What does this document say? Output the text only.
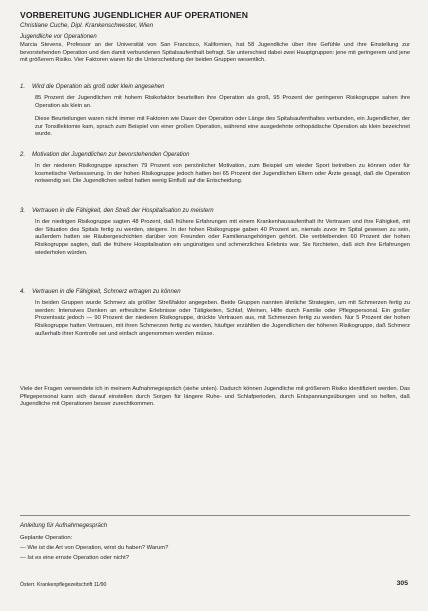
VORBEREITUNG JUGENDLICHER AUF OPERATIONEN
Christiane Cuche, Dipl. Krankenschwester, Wien
Jugendliche vor Operationen

Marcia Stevens, Professor an der Universität von San Francisco, Kalifornien, hat 58 Jugendliche über ihre Gefühle und ihre Einstellung zur bevorstehenden Operation und den damit verbundenen Spitalsaufenthalt befragt. Sie unterschied dabei zwei Hauptgruppen: jene mit geringerem und jene mit größerem Risiko. Vier Faktoren waren für die Unterscheidung der beiden Gruppen wesentlich.

1. Wird die Operation als groß oder klein angesehen

85 Prozent der Jugendlichen mit hohem Risikofaktor beurteilten ihre Operation als groß, 95 Prozent der geringeren Risikogruppe sahen ihre Operation als klein an.

Diese Beurteilungen waren nicht immer mit Faktoren wie Dauer der Operation oder Länge des Spitalsaufenthaltes verbunden, ein Jugendlicher, der zur Tonsillektomie kam, sprach zum Beispiel von einer großen Operation, während eine ausgedehnte orthopädische Operation als klein bezeichnet wurde.

2. Motivation der Jugendlichen zur bevorstehenden Operation

In der niederen Risikogruppe sprachen 79 Prozent von persönlicher Motivation, zum Beispiel um wieder Sport betreiben zu können oder für kosmetische Verbesserung. In der hohen Risikogruppe jedoch hatten bei 65 Prozent der Jugendlichen Eltern oder Ärzte gesagt, daß die Operation notwendig sei. Die Jugendlichen selbst hatten wenig Einfluß auf die Entscheidung.

3. Vertrauen in die Fähigkeit, den Streß der Hospitalisation zu meistern

In der niedrigen Risikogruppe sagten 48 Prozent, daß frühere Erfahrungen mit einem Krankenhausaufenthalt ihr Vertrauen und ihre Fähigkeit, mit der Situation des Spitals fertig zu werden, steigere. In der hohen Risikogruppe gaben 40 Prozent an, niemals zuvor im Spital gewesen zu sein, außerdem hatten sie Räubergeschichten darüber von Freunden oder Familienangehörigen gehört. Die verbleibenden 60 Prozent der hohen Risikogruppe sagten, daß die frühere Hospitalisation ein ungünstiges und schmerzliches Erlebnis war. Sie fürchteten, daß sich ihre Erfahrungen wiederholen würden.

4. Vertrauen in die Fähigkeit, Schmerz ertragen zu können

In beiden Gruppen wurde Schmerz als größter Streßfaktor angegeben. Beide Gruppen nannten ähnliche Strategien, um mit Schmerzen fertig zu werden: Intensives Denken an erfreuliche Erlebnisse oder Tätigkeiten, Schlaf, Weinen, Hilfe durch Familie oder Pflegepersonal. Ein großer Prozentsatz jedoch — 90 Prozent der niederen Risikogruppe, drückte Vertrauen aus, mit Schmerzen fertig zu werden. Nur 5 Prozent der hohen Risikogruppe hatten Vertrauen, mit ihren Schmerzen fertig zu werden, häufiger erzählten die Jugendlichen der höheren Risikogruppe, daß Schmerz außerhalb ihrer Kontrolle sei und einfach angenommen werden müsse.

Viele der Fragen verwendete ich in meinem Aufnahmegespräch (siehe unten). Dadurch können Jugendliche mit größerem Risiko identifiziert werden. Das Pflegepersonal kann sich darauf einstellen durch Sorgen für längere Ruhe- und Schlafperioden, durch Entspannungsübungen und so helfen, daß Jugendliche mit Operationen besser zurechtkommen.

Anleitung für Aufnahmegespräch
Geplante Operation:
— Wie ist die Art von Operation, wirst du haben? Warum?
— Ist es eine ernste Operation oder nicht?
Österr. Krankenpflegezeitschrift 11/90	305
